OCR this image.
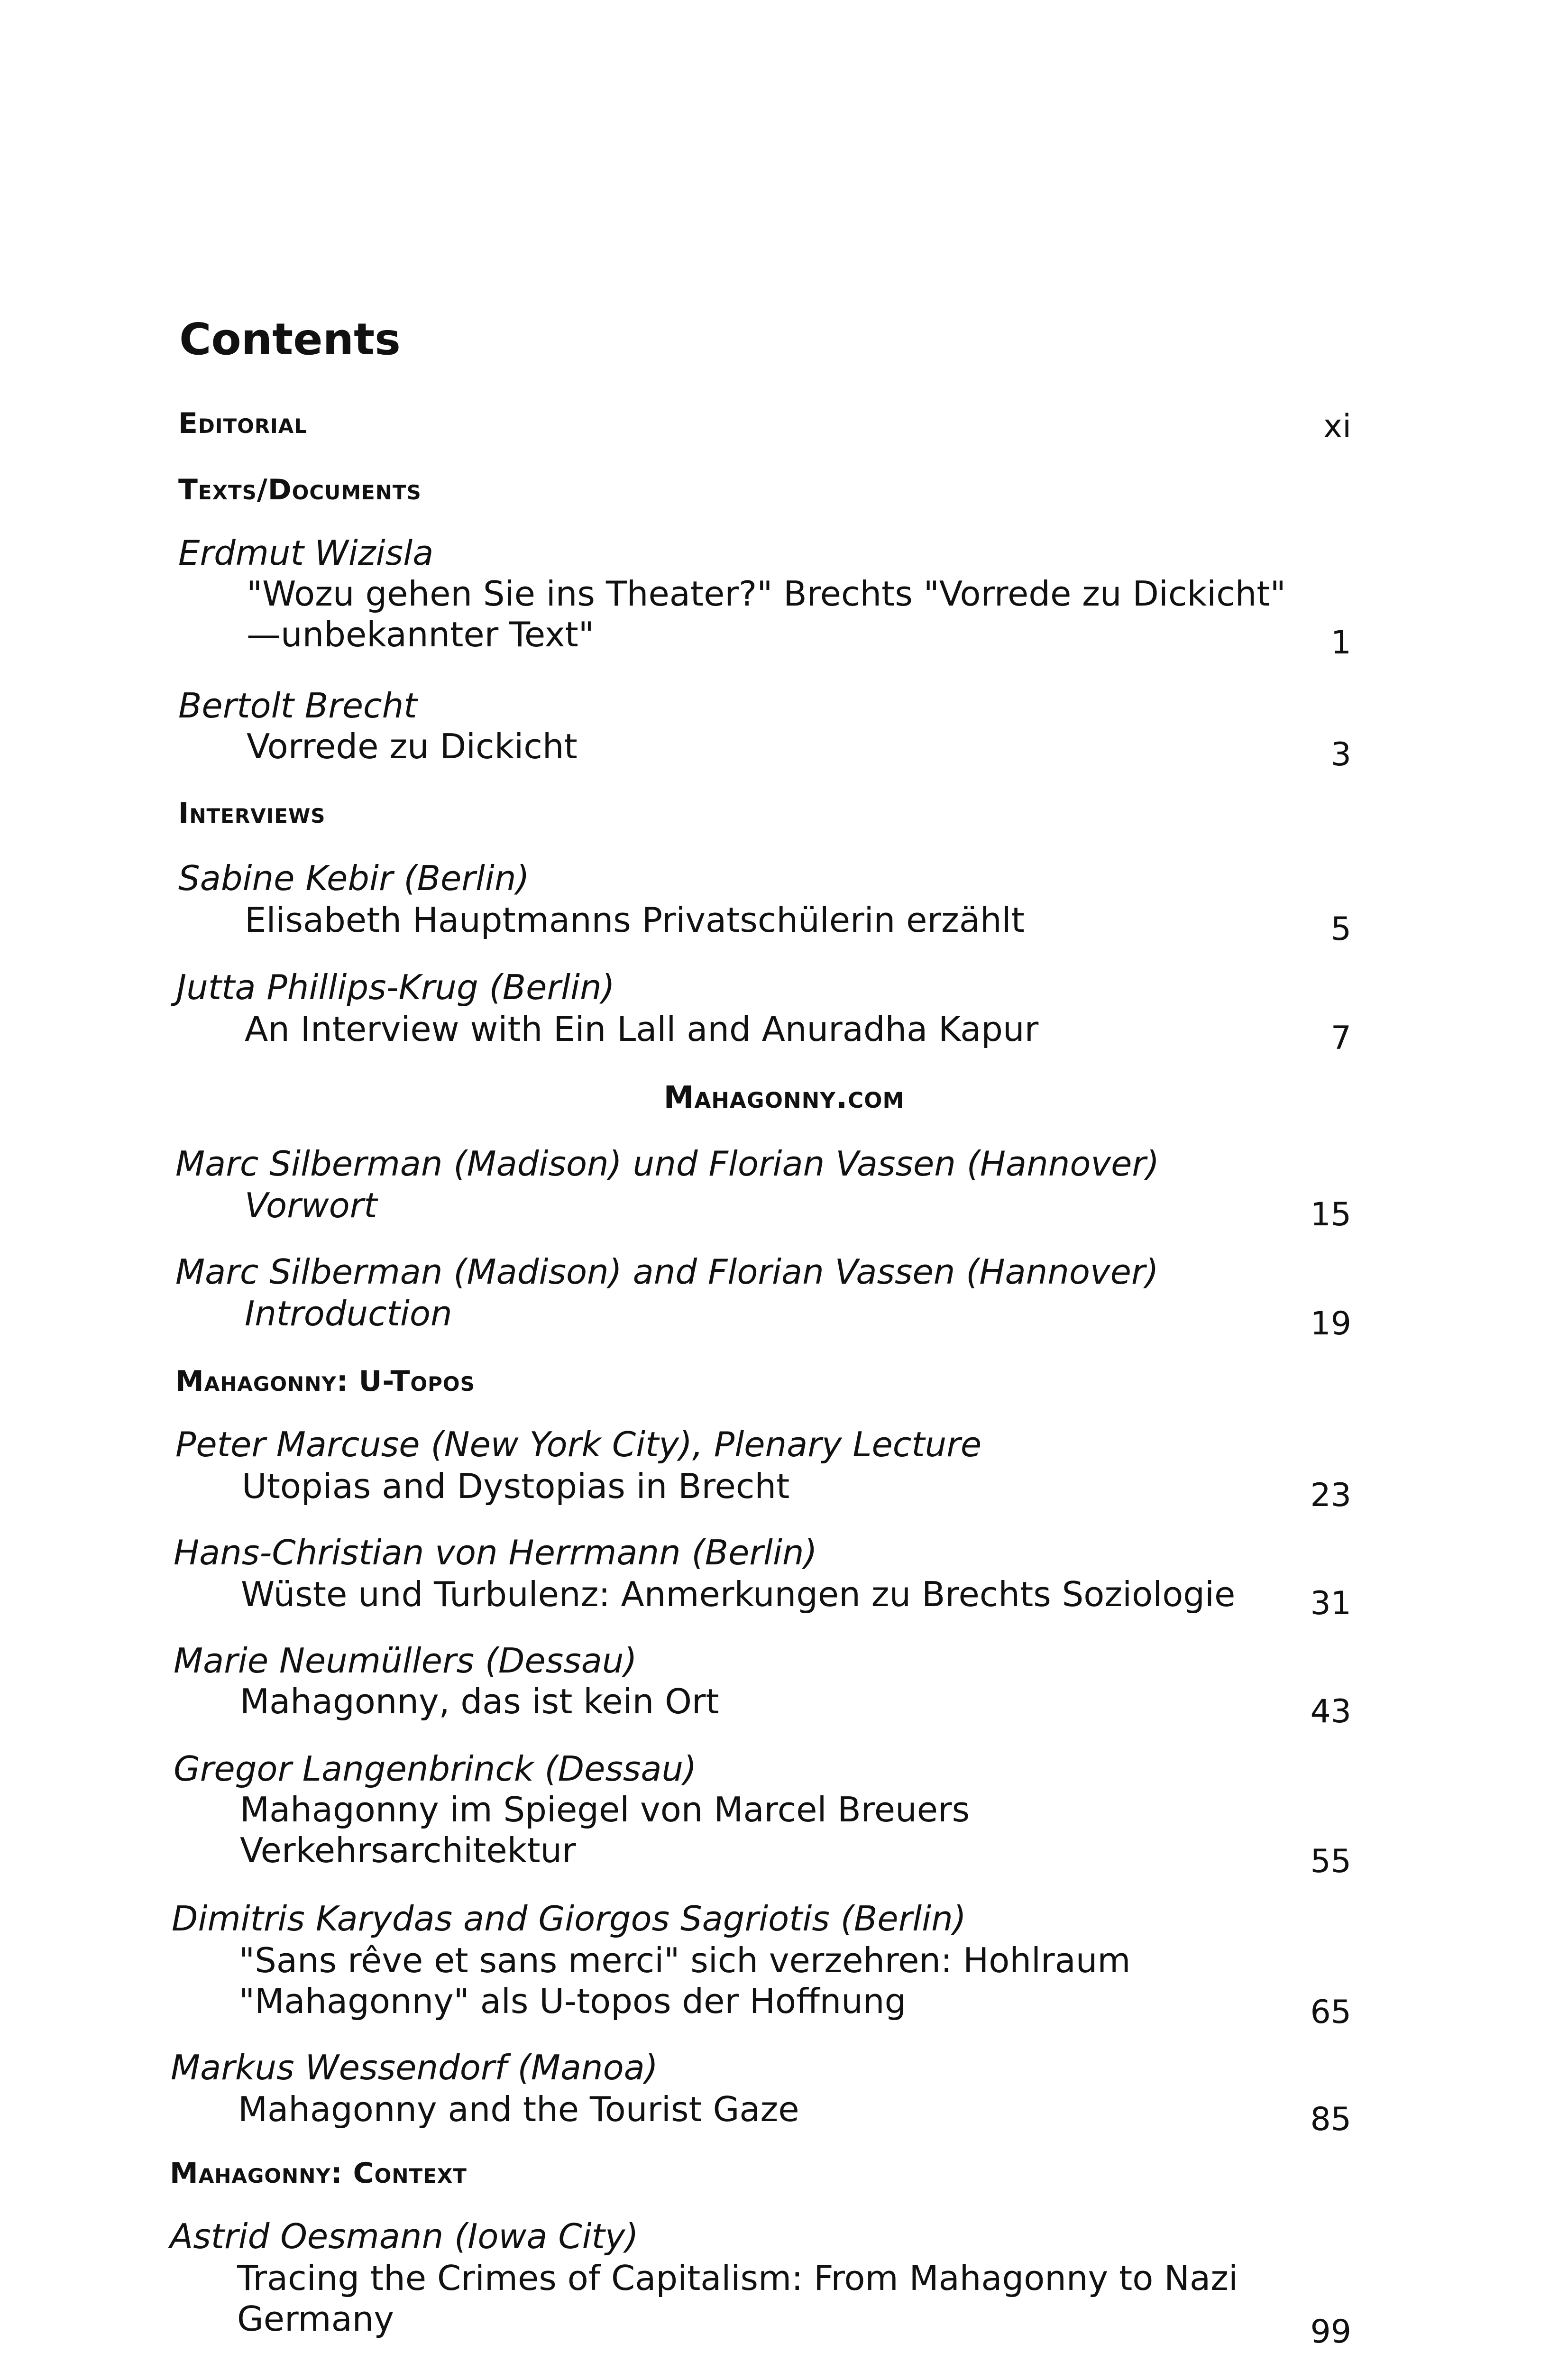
Contents
Editorial	xi
Texts/Documents
Erdmut Wizisla
"Wozu gehen Sie ins Theater?" Brechts "Vorrede zu Dickicht"
—unbekannter Text"	1
Bertolt Brecht
Vorrede zu Dickicht	3
Interviews
Sabine Kebir (Berlin)
Elisabeth Hauptmanns Privatschülerin erzählt	5
Jutta Phillips-Krug (Berlin)
An Interview with Ein Lall and Anuradha Kapur	7
Mahagonny.com
Marc Silberman (Madison) und Florian Vassen (Hannover)
Vorwort	15
Marc Silberman (Madison) and Florian Vassen (Hannover)
Introduction	19
Mahagonny: U-Topos
Peter Marcuse (New York City), Plenary Lecture
Utopias and Dystopias in Brecht	23
Hans-Christian von Herrmann (Berlin)
Wüste und Turbulenz: Anmerkungen zu Brechts Soziologie	31
Marie Neumüllers (Dessau)
Mahagonny, das ist kein Ort	43
Gregor Langenbrinck (Dessau)
Mahagonny im Spiegel von Marcel Breuers
Verkehrsarchitektur	55
Dimitris Karydas and Giorgos Sagriotis (Berlin)
"Sans rêve et sans merci" sich verzehren: Hohlraum
"Mahagonny" als U-topos der Hoffnung	65
Markus Wessendorf (Manoa)
Mahagonny and the Tourist Gaze	85
Mahagonny: Context
Astrid Oesmann (Iowa City)
Tracing the Crimes of Capitalism: From Mahagonny to Nazi
Germany	99
